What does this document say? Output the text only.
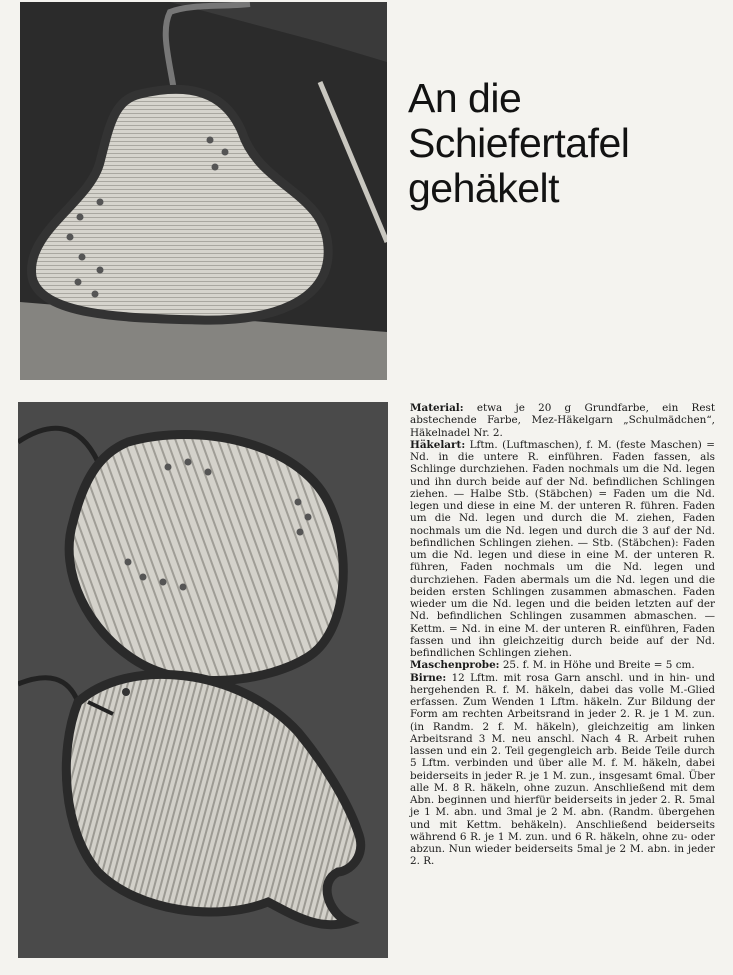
An die
Schiefertafel
gehäkelt

Material: etwa je 20 g Grundfarbe, ein Rest abstechende Farbe, Mez-Häkelgarn „Schulmädchen“, Häkelnadel Nr. 2.

Häkelart: Lftm. (Luftmaschen), f. M. (feste Maschen) = Nd. in die untere R. einführen. Faden fassen, als Schlinge durchziehen. Faden nochmals um die Nd. legen und ihn durch beide auf der Nd. befindlichen Schlingen ziehen. — Halbe Stb. (Stäbchen) = Faden um die Nd. legen und diese in eine M. der unteren R. führen. Faden um die Nd. legen und durch die M. ziehen, Faden nochmals um die Nd. legen und durch die 3 auf der Nd. befindlichen Schlingen ziehen. — Stb. (Stäbchen): Faden um die Nd. legen und diese in eine M. der unteren R. führen, Faden nochmals um die Nd. legen und durchziehen. Faden abermals um die Nd. legen und die beiden ersten Schlingen zusammen abmaschen. Faden wieder um die Nd. legen und die beiden letzten auf der Nd. befindlichen Schlingen zusammen abmaschen. — Kettm. = Nd. in eine M. der unteren R. einführen, Faden fassen und ihn gleichzeitig durch beide auf der Nd. befindlichen Schlingen ziehen.

Maschenprobe: 25. f. M. in Höhe und Breite = 5 cm.

Birne: 12 Lftm. mit rosa Garn anschl. und in hin- und hergehenden R. f. M. häkeln, dabei das volle M.-Glied erfassen. Zum Wenden 1 Lftm. häkeln. Zur Bildung der Form am rechten Arbeitsrand in jeder 2. R. je 1 M. zun. (in Randm. 2 f. M. häkeln), gleichzeitig am linken Arbeitsrand 3 M. neu anschl. Nach 4 R. Arbeit ruhen lassen und ein 2. Teil gegengleich arb. Beide Teile durch 5 Lftm. verbinden und über alle M. f. M. häkeln, dabei beiderseits in jeder R. je 1 M. zun., insgesamt 6mal. Über alle M. 8 R. häkeln, ohne zuzun. Anschließend mit dem Abn. beginnen und hierfür beiderseits in jeder 2. R. 5mal je 1 M. abn. und 3mal je 2 M. abn. (Randm. übergehen und mit Kettm. behäkeln). Anschließend beiderseits während 6 R. je 1 M. zun. und 6 R. häkeln, ohne zu- oder abzun. Nun wieder beiderseits 5mal je 2 M. abn. in jeder 2. R.
